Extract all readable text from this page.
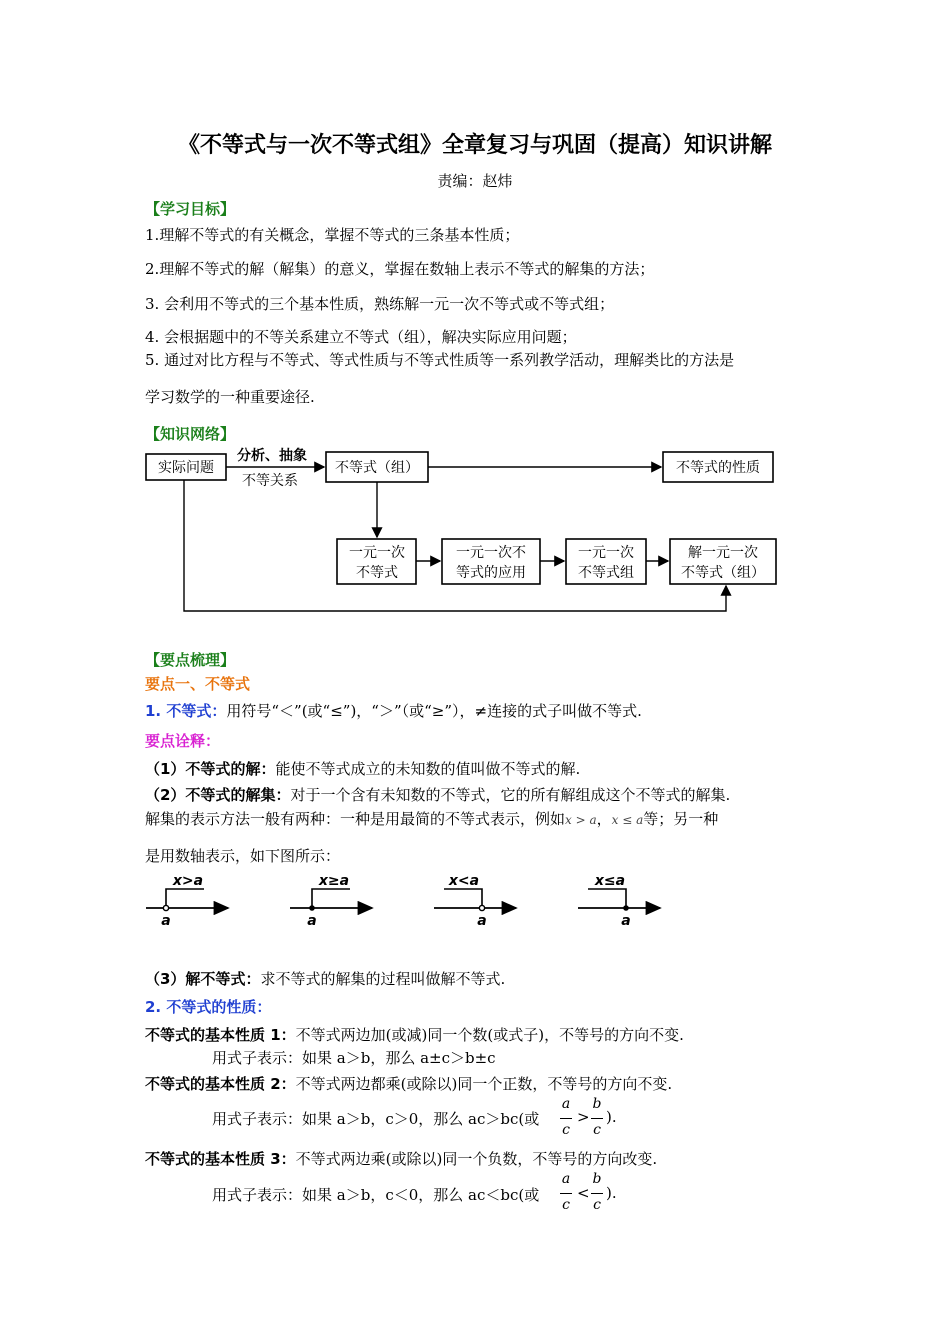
《不等式与一次不等式组》全章复习与巩固（提高）知识讲解
责编：赵炜
【学习目标】
1.理解不等式的有关概念，掌握不等式的三条基本性质；
2.理解不等式的解（解集）的意义，掌握在数轴上表示不等式的解集的方法；
3. 会利用不等式的三个基本性质，熟练解一元一次不等式或不等式组；
4. 会根据题中的不等关系建立不等式（组），解决实际应用问题；
5. 通过对比方程与不等式、等式性质与不等式性质等一系列教学活动，理解类比的方法是
学习数学的一种重要途径.
【知识网络】
实际问题
分析、抽象
不等关系
不等式（组）	不等式的性质
一元一次
不等式
一元一次不
等式的应用
一元一次
不等式组
解一元一次
不等式（组）
【要点梳理】
要点一、不等式
1. 不等式：用符号“＜”(或“≤”)，“＞”（或“≥”），≠连接的式子叫做不等式.
要点诠释：
（1）不等式的解：能使不等式成立的未知数的值叫做不等式的解.
（2）不等式的解集：对于一个含有未知数的不等式，它的所有解组成这个不等式的解集.
解集的表示方法一般有两种：一种是用最简的不等式表示，例如x > a，x ≤ a等；另一种
是用数轴表示，如下图所示：
x>a
a
x≥a
a
x<a
a
x≤a
a
（3）解不等式：求不等式的解集的过程叫做解不等式.
2. 不等式的性质：
不等式的基本性质 1：不等式两边加(或减)同一个数(或式子)，不等号的方向不变.
用式子表示：如果 a＞b，那么 a±c＞b±c
不等式的基本性质 2：不等式两边都乘(或除以)同一个正数，不等号的方向不变.
用式子表示：如果 a＞b，c＞0，那么 ac＞bc(或
a
c
>
b
c
).
不等式的基本性质 3：不等式两边乘(或除以)同一个负数，不等号的方向改变.
用式子表示：如果 a＞b，c＜0，那么 ac＜bc(或
a
c
<
b
c
).
